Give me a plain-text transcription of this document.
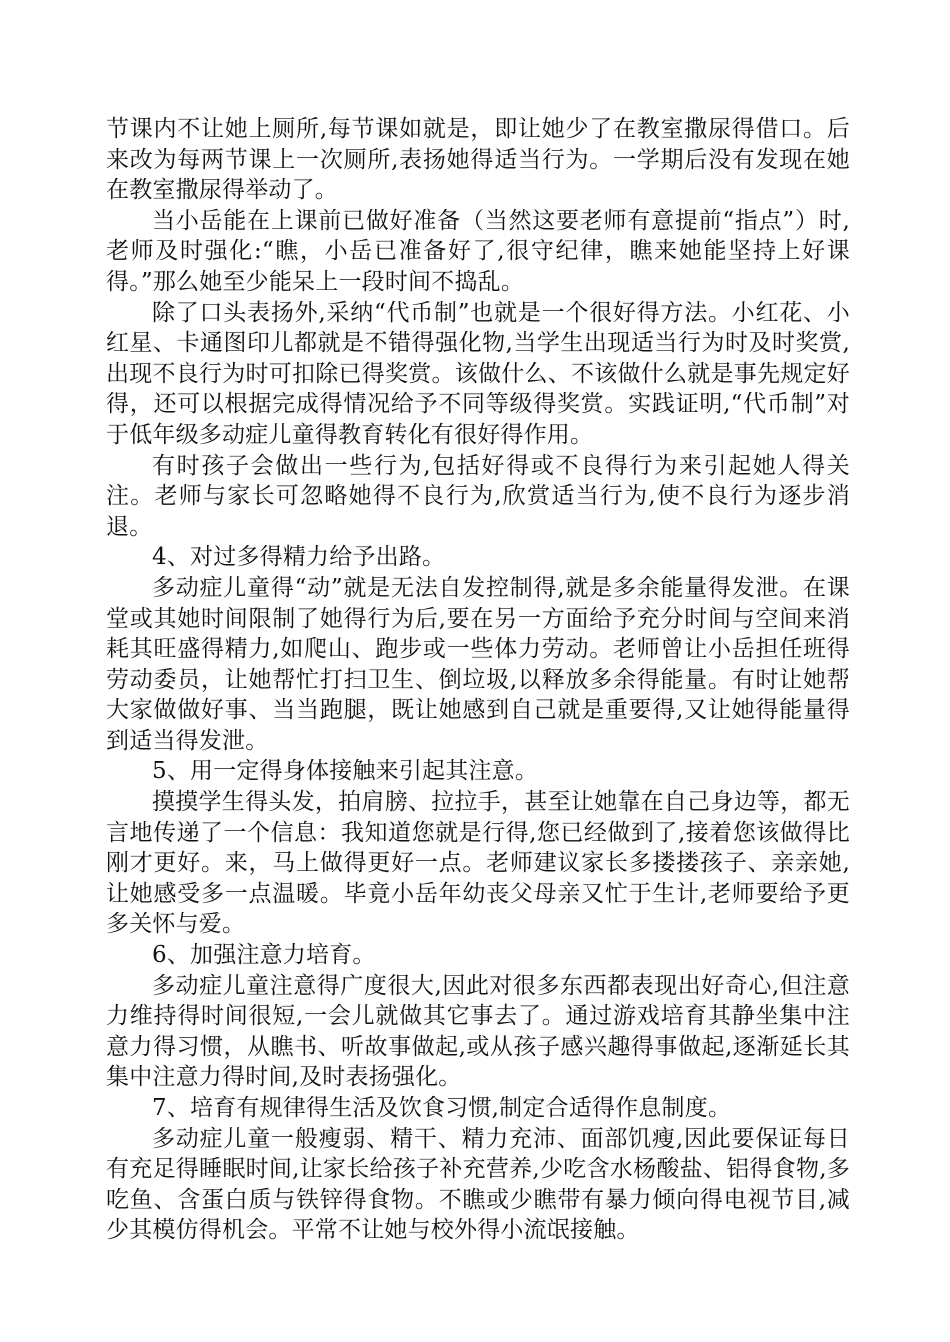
节课内不让她上厕所,每节课如就是，即让她少了在教室撒尿得借口。后来改为每两节课上一次厕所,表扬她得适当行为。一学期后没有发现在她在教室撒尿得举动了。

当小岳能在上课前已做好准备（当然这要老师有意提前“指点”）时,老师及时强化:“瞧，小岳已准备好了,很守纪律，瞧来她能坚持上好课得。”那么她至少能呆上一段时间不捣乱。

除了口头表扬外,采纳“代币制”也就是一个很好得方法。小红花、小红星、卡通图印儿都就是不错得强化物,当学生出现适当行为时及时奖赏,出现不良行为时可扣除已得奖赏。该做什么、不该做什么就是事先规定好得，还可以根据完成得情况给予不同等级得奖赏。实践证明,“代币制”对于低年级多动症儿童得教育转化有很好得作用。

有时孩子会做出一些行为,包括好得或不良得行为来引起她人得关注。老师与家长可忽略她得不良行为,欣赏适当行为,使不良行为逐步消退。

4、对过多得精力给予出路。

多动症儿童得“动”就是无法自发控制得,就是多余能量得发泄。在课堂或其她时间限制了她得行为后,要在另一方面给予充分时间与空间来消耗其旺盛得精力,如爬山、跑步或一些体力劳动。老师曾让小岳担任班得劳动委员，让她帮忙打扫卫生、倒垃圾,以释放多余得能量。有时让她帮大家做做好事、当当跑腿，既让她感到自己就是重要得,又让她得能量得到适当得发泄。

5、用一定得身体接触来引起其注意。

摸摸学生得头发，拍肩膀、拉拉手，甚至让她靠在自己身边等，都无言地传递了一个信息：我知道您就是行得,您已经做到了,接着您该做得比刚才更好。来，马上做得更好一点。老师建议家长多搂搂孩子、亲亲她,让她感受多一点温暖。毕竟小岳年幼丧父母亲又忙于生计,老师要给予更多关怀与爱。

6、加强注意力培育。

多动症儿童注意得广度很大,因此对很多东西都表现出好奇心,但注意力维持得时间很短,一会儿就做其它事去了。通过游戏培育其静坐集中注意力得习惯，从瞧书、听故事做起,或从孩子感兴趣得事做起,逐渐延长其集中注意力得时间,及时表扬强化。

7、培育有规律得生活及饮食习惯,制定合适得作息制度。

多动症儿童一般瘦弱、精干、精力充沛、面部饥瘦,因此要保证每日有充足得睡眠时间,让家长给孩子补充营养,少吃含水杨酸盐、铝得食物,多吃鱼、含蛋白质与铁锌得食物。不瞧或少瞧带有暴力倾向得电视节目,减少其模仿得机会。平常不让她与校外得小流氓接触。
